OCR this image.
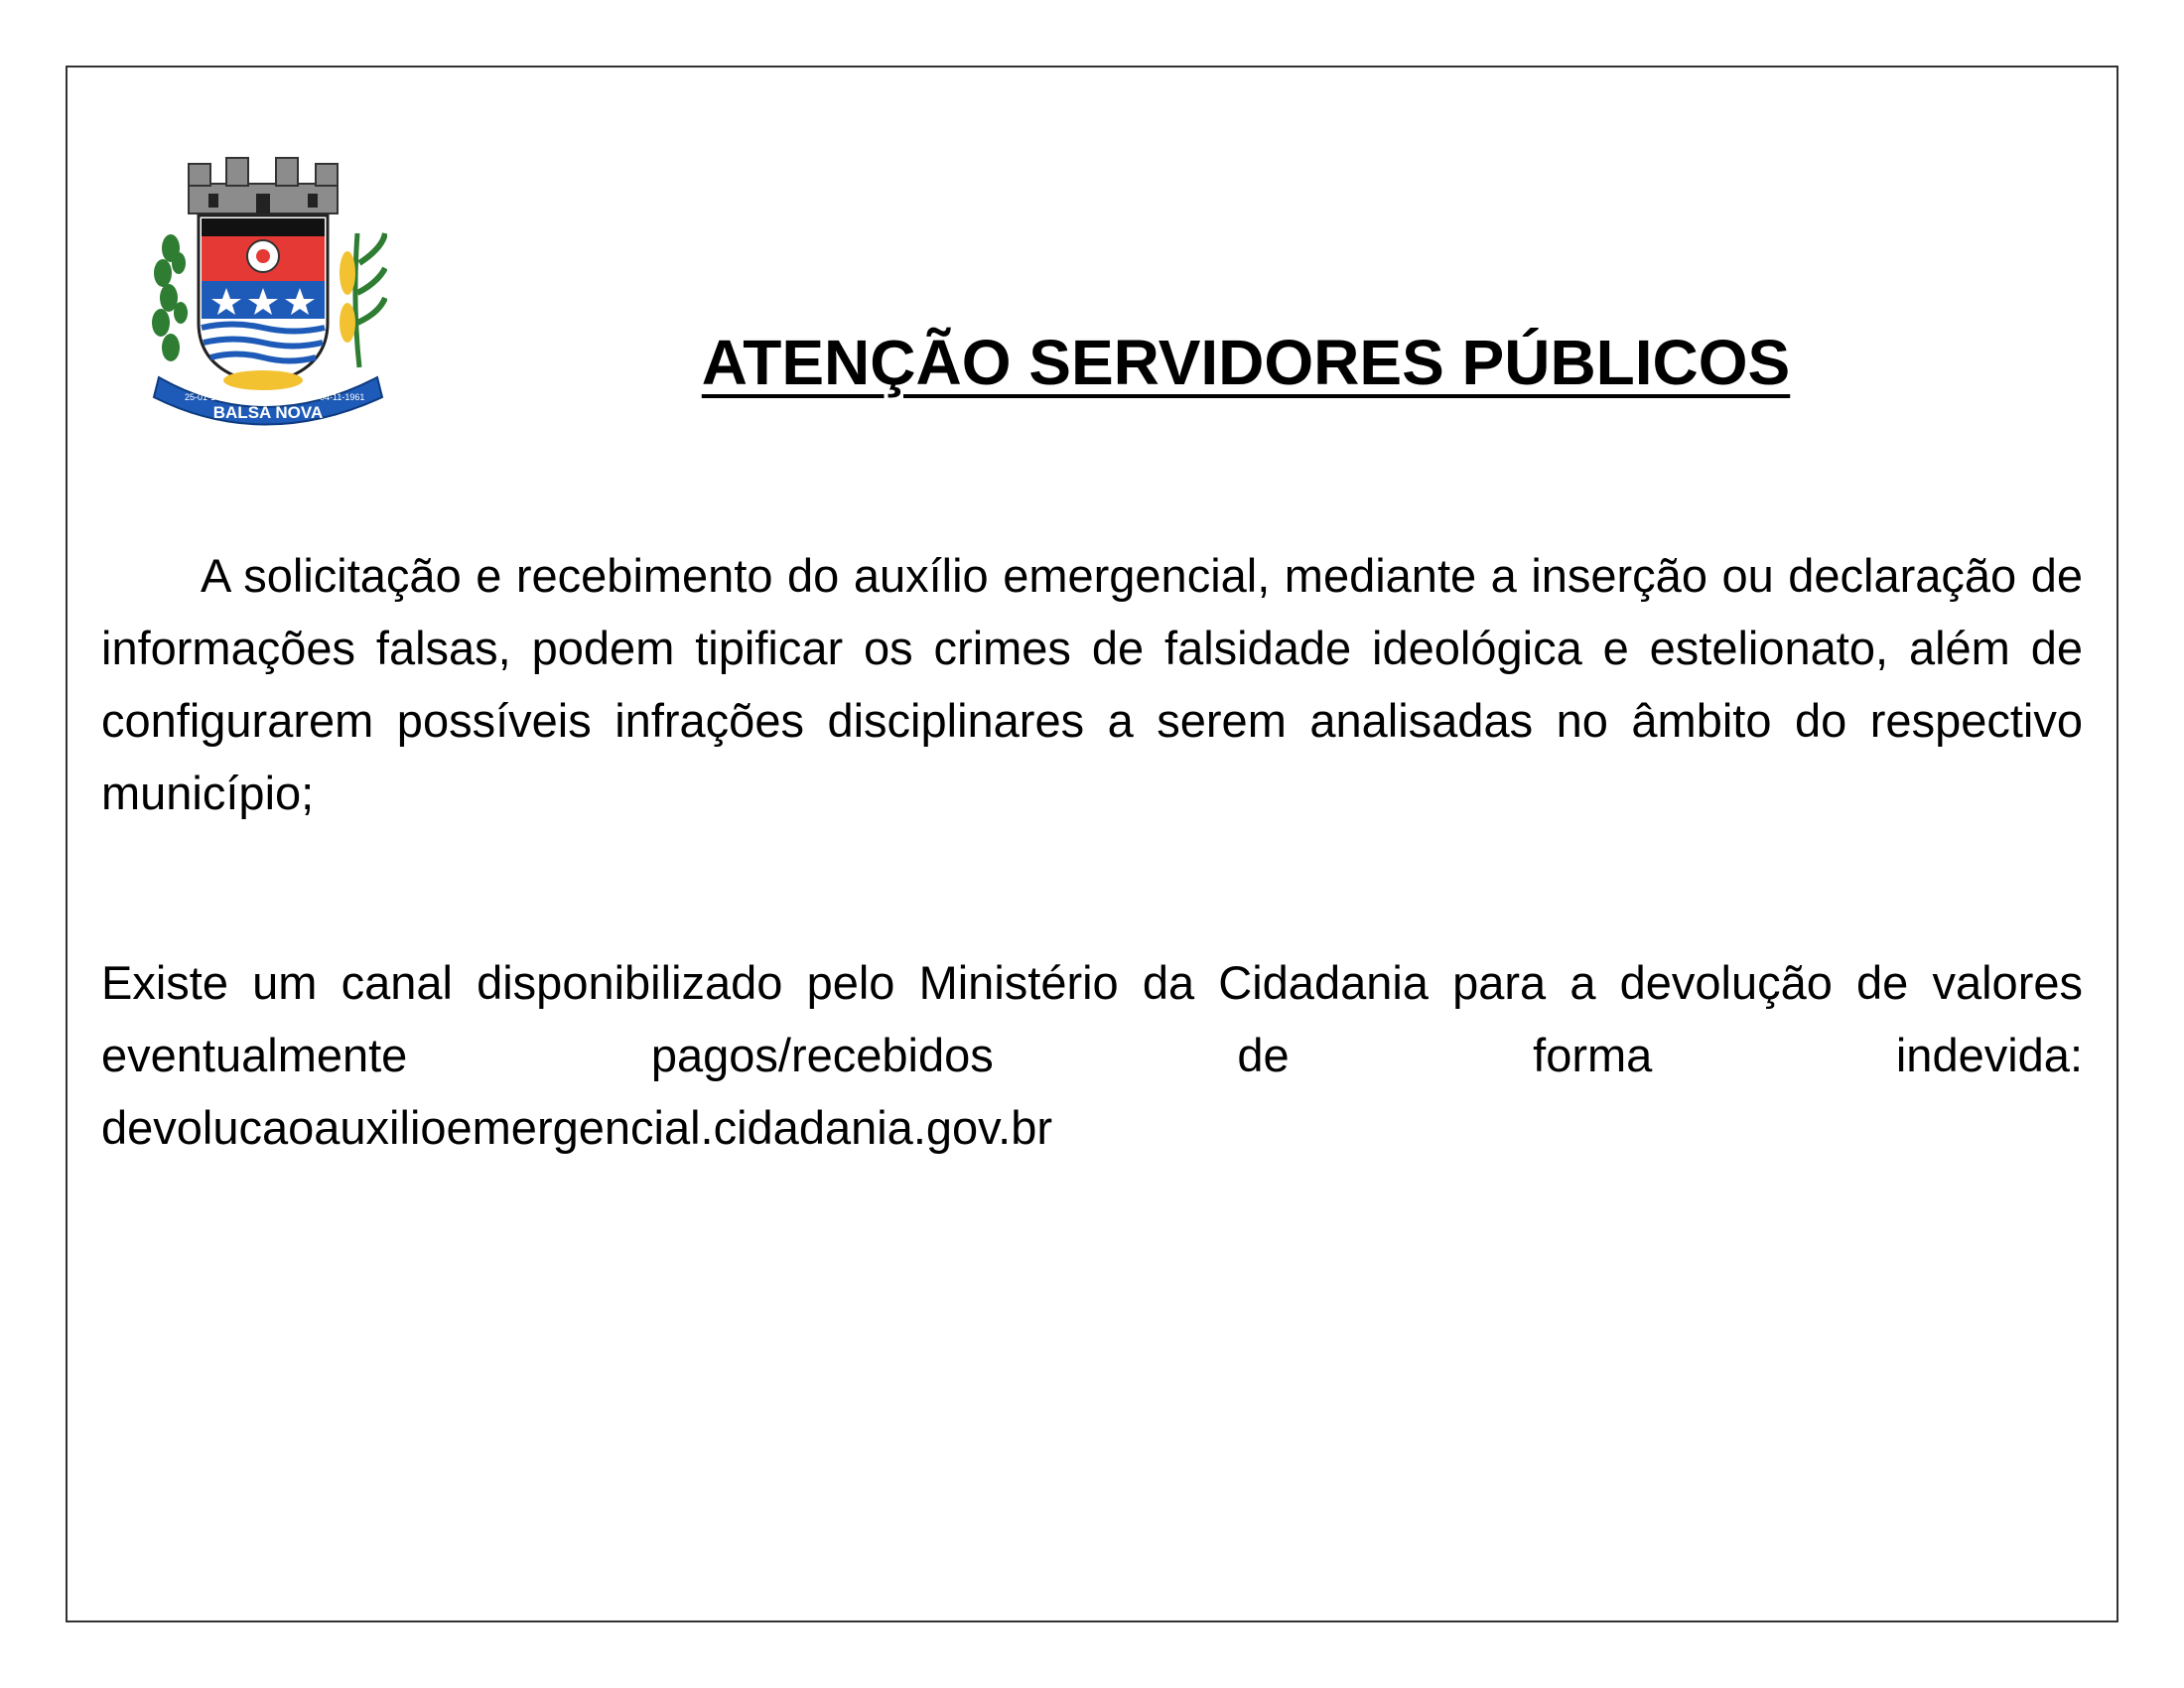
25-01-1961	04-11-1961
BALSA NOVA
ATENÇÃO SERVIDORES PÚBLICOS

A solicitação e recebimento do auxílio emergencial, mediante a inserção ou declaração de informações falsas, podem tipificar os crimes de falsidade ideológica e estelionato, além de configurarem possíveis infrações disciplinares a serem analisadas no âmbito do respectivo município;

Existe um canal disponibilizado pelo Ministério da Cidadania para a devolução de valores eventualmente pagos/recebidos de forma indevida: devolucaoauxilioemergencial.cidadania.gov.br
